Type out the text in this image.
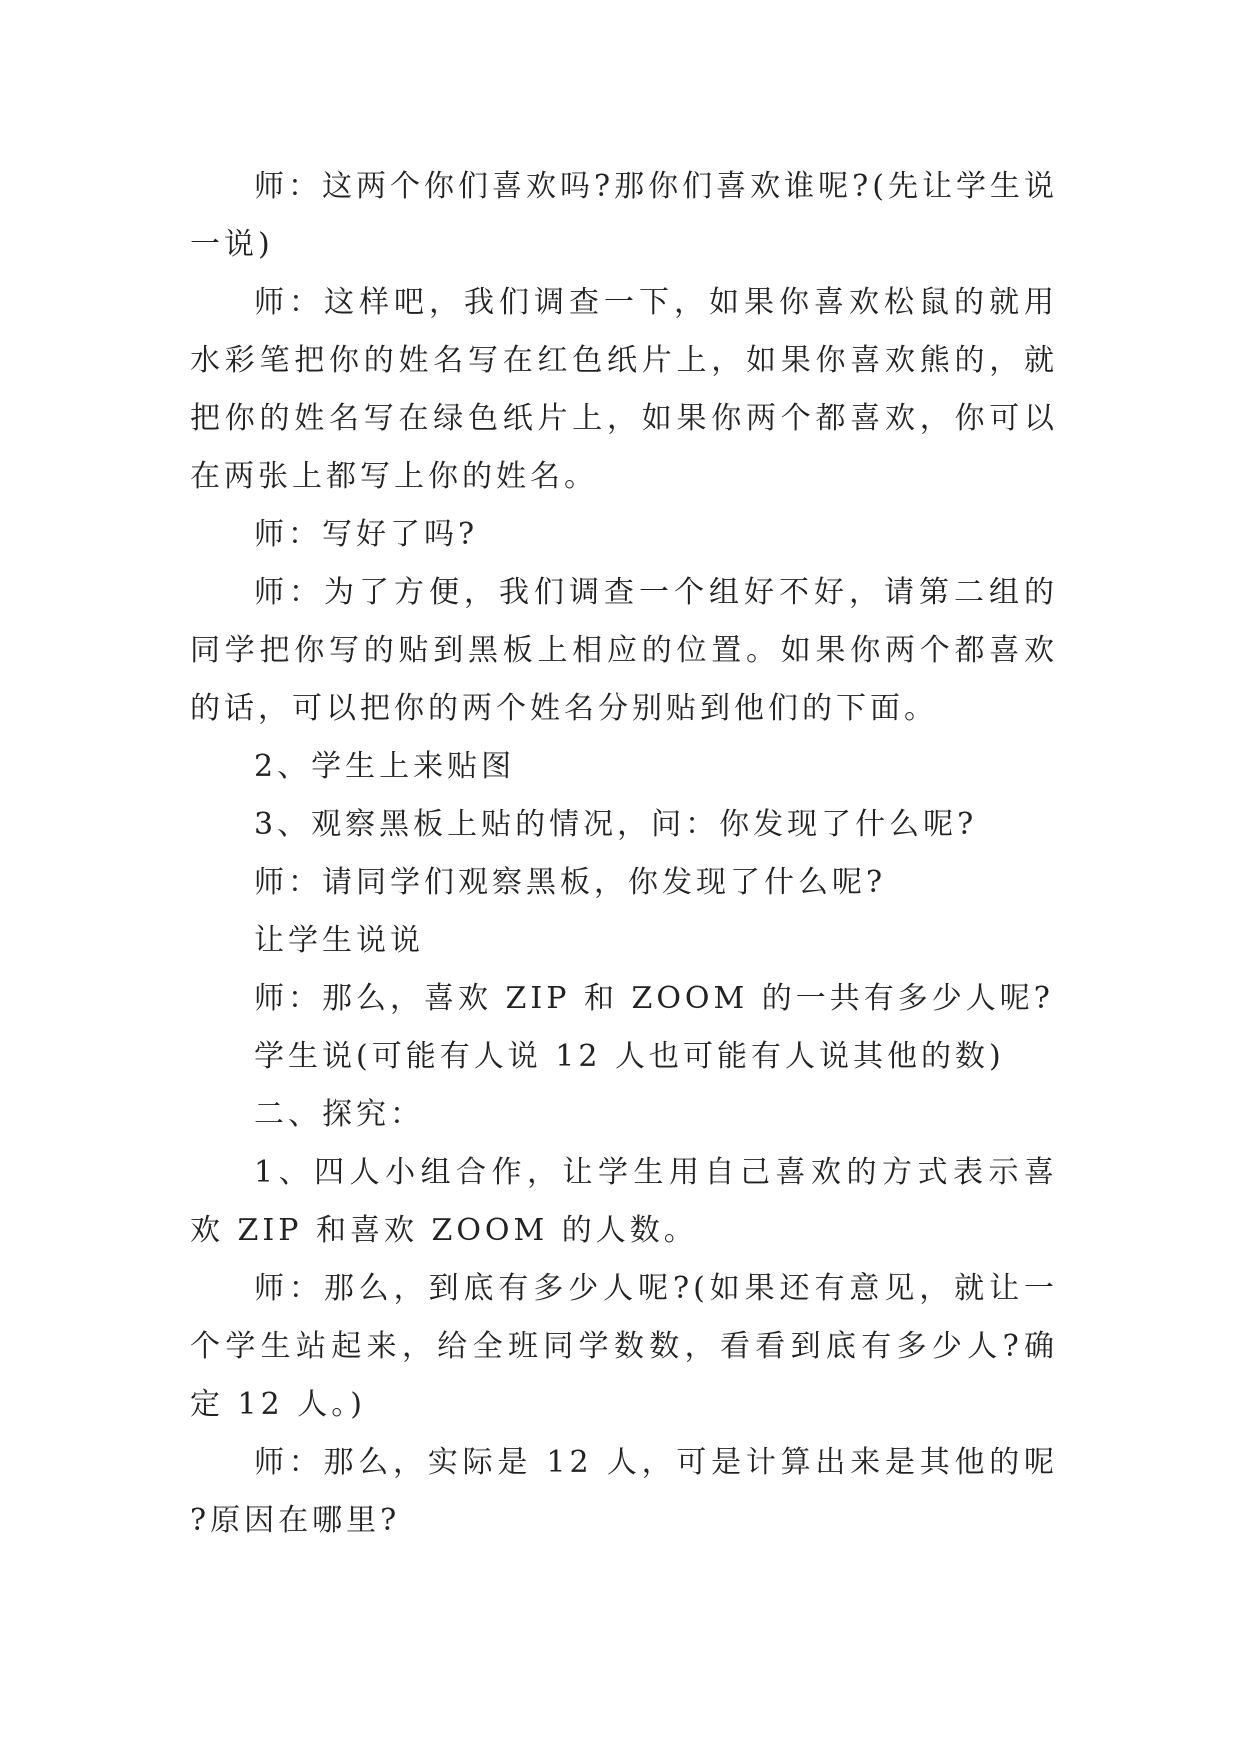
师：这两个你们喜欢吗?那你们喜欢谁呢?(先让学生说一说)

师：这样吧，我们调查一下，如果你喜欢松鼠的就用水彩笔把你的姓名写在红色纸片上，如果你喜欢熊的，就把你的姓名写在绿色纸片上，如果你两个都喜欢，你可以在两张上都写上你的姓名。

师：写好了吗?

师：为了方便，我们调查一个组好不好，请第二组的同学把你写的贴到黑板上相应的位置。如果你两个都喜欢的话，可以把你的两个姓名分别贴到他们的下面。

2、学生上来贴图

3、观察黑板上贴的情况，问：你发现了什么呢?

师：请同学们观察黑板，你发现了什么呢?

让学生说说

师：那么，喜欢 ZIP 和 ZOOM 的一共有多少人呢?

学生说(可能有人说 12 人也可能有人说其他的数)

二、探究：

1、四人小组合作，让学生用自己喜欢的方式表示喜欢 ZIP 和喜欢 ZOOM 的人数。

师：那么，到底有多少人呢?(如果还有意见，就让一个学生站起来，给全班同学数数，看看到底有多少人?确定 12 人。)

师：那么，实际是 12 人，可是计算出来是其他的呢?原因在哪里?
